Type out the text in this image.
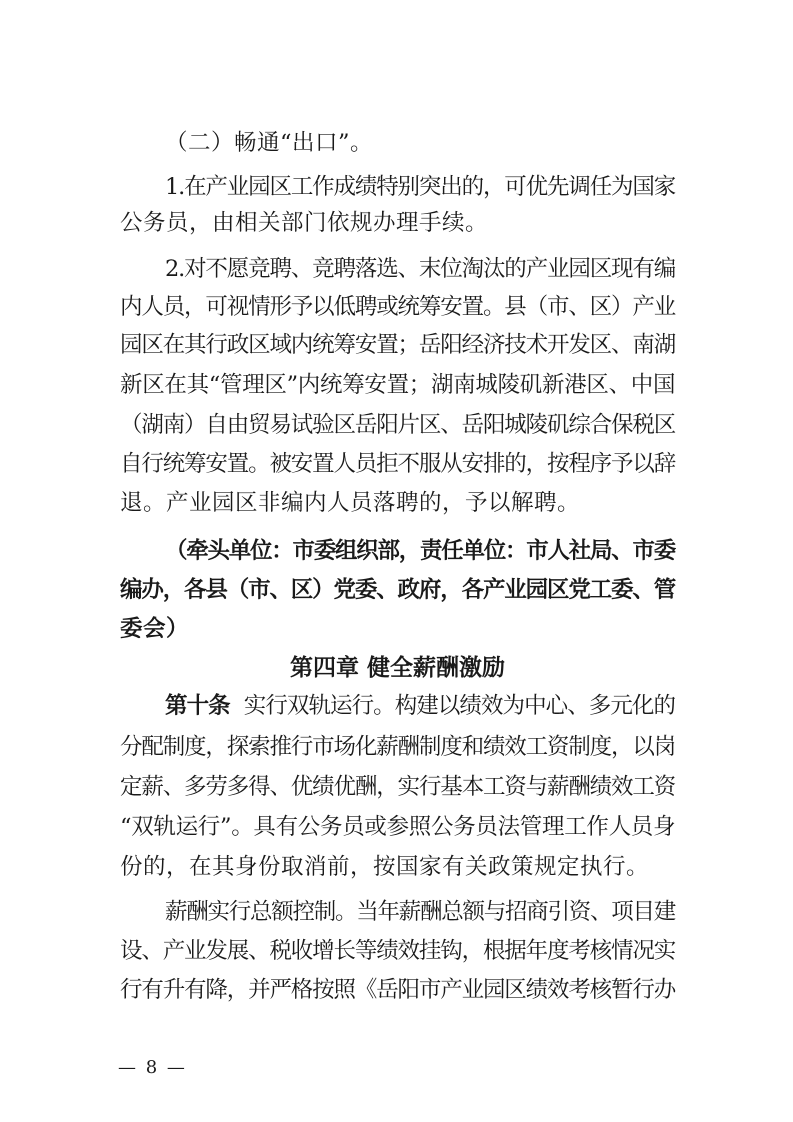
（二）畅通“出口”。
1.在产业园区工作成绩特别突出的，可优先调任为国家
公务员，由相关部门依规办理手续。
2.对不愿竞聘、竞聘落选、末位淘汰的产业园区现有编
内人员，可视情形予以低聘或统筹安置。县（市、区）产业
园区在其行政区域内统筹安置；岳阳经济技术开发区、南湖
新区在其“管理区”内统筹安置；湖南城陵矶新港区、中国
（湖南）自由贸易试验区岳阳片区、岳阳城陵矶综合保税区
自行统筹安置。被安置人员拒不服从安排的，按程序予以辞
退。产业园区非编内人员落聘的，予以解聘。
（牵头单位：市委组织部，责任单位：市人社局、市委
编办，各县（市、区）党委、政府，各产业园区党工委、管
委会）
第四章 健全薪酬激励
第十条 实行双轨运行。构建以绩效为中心、多元化的
分配制度，探索推行市场化薪酬制度和绩效工资制度，以岗
定薪、多劳多得、优绩优酬，实行基本工资与薪酬绩效工资
“双轨运行”。具有公务员或参照公务员法管理工作人员身
份的，在其身份取消前，按国家有关政策规定执行。
薪酬实行总额控制。当年薪酬总额与招商引资、项目建
设、产业发展、税收增长等绩效挂钩，根据年度考核情况实
行有升有降，并严格按照《岳阳市产业园区绩效考核暂行办
— 8 —
